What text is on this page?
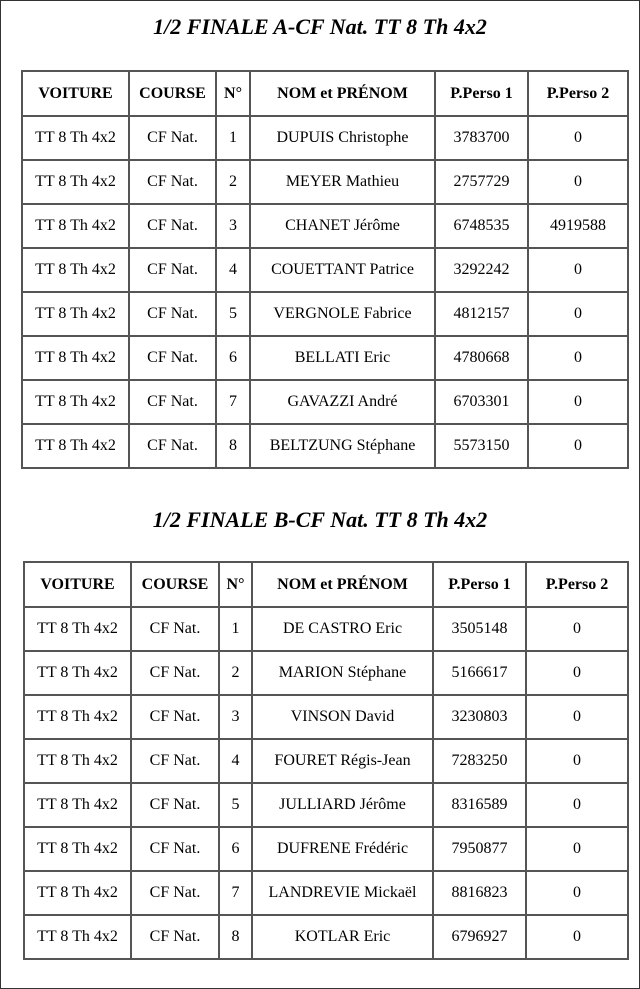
1/2 FINALE A-CF Nat. TT 8 Th 4x2
VOITURE	COURSE	N°	NOM et PRÉNOM	P.Perso 1	P.Perso 2
TT 8 Th 4x2	CF Nat.	1	DUPUIS Christophe	3783700	0
TT 8 Th 4x2	CF Nat.	2	MEYER Mathieu	2757729	0
TT 8 Th 4x2	CF Nat.	3	CHANET Jérôme	6748535	4919588
TT 8 Th 4x2	CF Nat.	4	COUETTANT Patrice	3292242	0
TT 8 Th 4x2	CF Nat.	5	VERGNOLE Fabrice	4812157	0
TT 8 Th 4x2	CF Nat.	6	BELLATI Eric	4780668	0
TT 8 Th 4x2	CF Nat.	7	GAVAZZI André	6703301	0
TT 8 Th 4x2	CF Nat.	8	BELTZUNG Stéphane	5573150	0
1/2 FINALE B-CF Nat. TT 8 Th 4x2
VOITURE	COURSE	N°	NOM et PRÉNOM	P.Perso 1	P.Perso 2
TT 8 Th 4x2	CF Nat.	1	DE CASTRO Eric	3505148	0
TT 8 Th 4x2	CF Nat.	2	MARION Stéphane	5166617	0
TT 8 Th 4x2	CF Nat.	3	VINSON David	3230803	0
TT 8 Th 4x2	CF Nat.	4	FOURET Régis-Jean	7283250	0
TT 8 Th 4x2	CF Nat.	5	JULLIARD Jérôme	8316589	0
TT 8 Th 4x2	CF Nat.	6	DUFRENE Frédéric	7950877	0
TT 8 Th 4x2	CF Nat.	7	LANDREVIE Mickaël	8816823	0
TT 8 Th 4x2	CF Nat.	8	KOTLAR Eric	6796927	0
